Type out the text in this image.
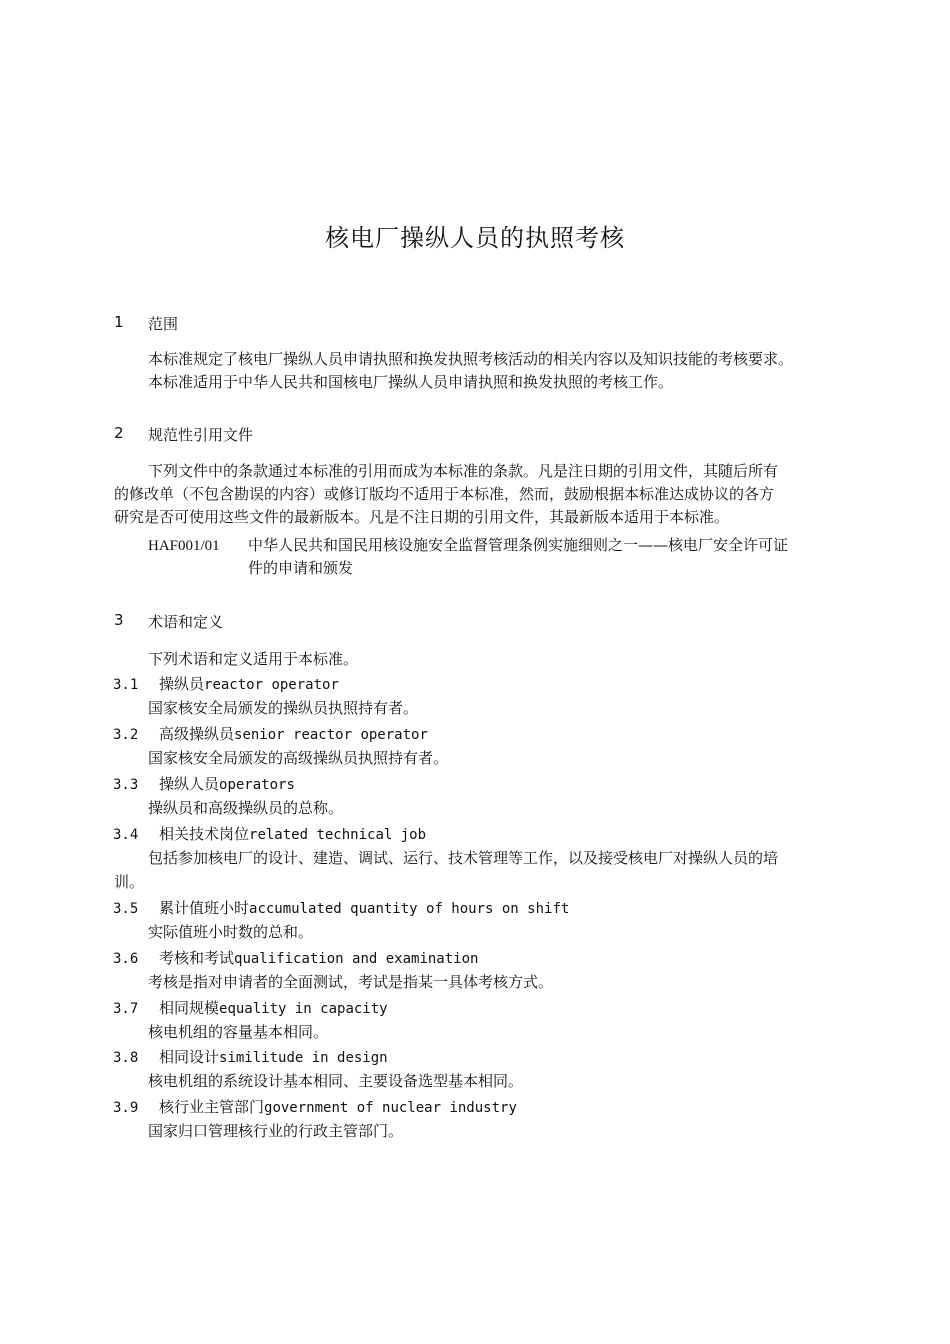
核电厂操纵人员的执照考核
1 范围
本标准规定了核电厂操纵人员申请执照和换发执照考核活动的相关内容以及知识技能的考核要求。
本标准适用于中华人民共和国核电厂操纵人员申请执照和换发执照的考核工作。
2 规范性引用文件
下列文件中的条款通过本标准的引用而成为本标准的条款。凡是注日期的引用文件，其随后所有
的修改单（不包含勘误的内容）或修订版均不适用于本标准，然而，鼓励根据本标准达成协议的各方
研究是否可使用这些文件的最新版本。凡是不注日期的引用文件，其最新版本适用于本标准。
HAF001/01 中华人民共和国民用核设施安全监督管理条例实施细则之一——核电厂安全许可证
件的申请和颁发
3 术语和定义
下列术语和定义适用于本标准。
3.1 操纵员reactor operator
国家核安全局颁发的操纵员执照持有者。
3.2 高级操纵员senior reactor operator
国家核安全局颁发的高级操纵员执照持有者。
3.3 操纵人员operators
操纵员和高级操纵员的总称。
3.4 相关技术岗位related technical job
包括参加核电厂的设计、建造、调试、运行、技术管理等工作，以及接受核电厂对操纵人员的培
训。
3.5 累计值班小时accumulated quantity of hours on shift
实际值班小时数的总和。
3.6 考核和考试qualification and examination
考核是指对申请者的全面测试，考试是指某一具体考核方式。
3.7 相同规模equality in capacity
核电机组的容量基本相同。
3.8 相同设计similitude in design
核电机组的系统设计基本相同、主要设备选型基本相同。
3.9 核行业主管部门government of nuclear industry
国家归口管理核行业的行政主管部门。
